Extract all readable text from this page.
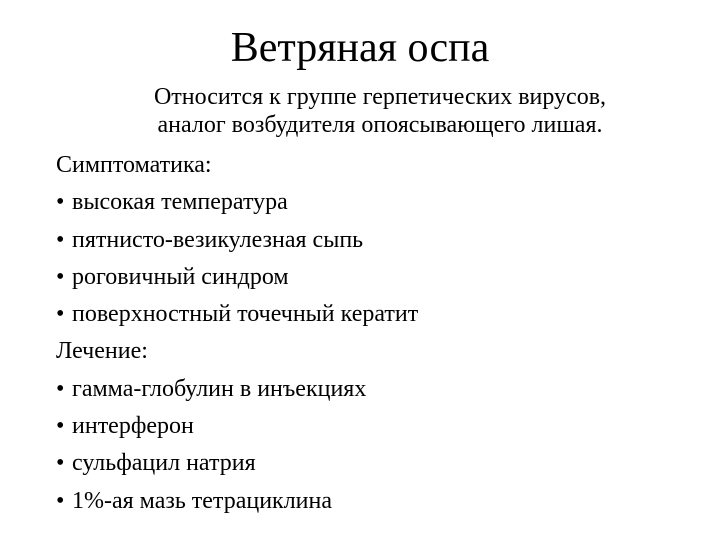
Ветряная оспа
Относится к группе герпетических вирусов,
аналог возбудителя опоясывающего лишая.
Симптоматика:
• высокая температура
• пятнисто-везикулезная сыпь
• роговичный синдром
• поверхностный точечный кератит
Лечение:
• гамма-глобулин в инъекциях
• интерферон
• сульфацил натрия
• 1%-ая мазь тетрациклина
